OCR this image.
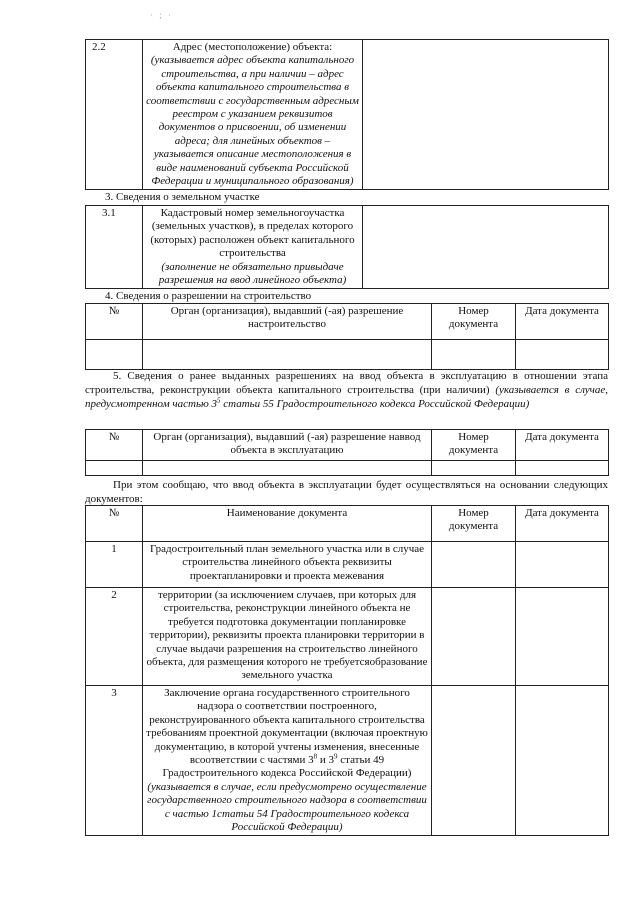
· ; ·
2.2	Адрес (местоположение) объекта:
(указывается адрес объекта капитального строительства, а при наличии – адрес объекта капитального строительства в соответствии с государственным адресным реестром с указанием реквизитов документов о присвоении, об изменении адреса; для линейных объектов – указывается описание местоположения в виде наименований субъекта Российской Федерации и муниципального образования)	
3. Сведения о земельном участке
3.1	Кадастровый номер земельногоучастка (земельных участков), в пределах которого (которых) расположен объект капитального строительства
(заполнение не обязательно привыдаче разрешения на ввод линейного объекта)	
4. Сведения о разрешении на строительство
№	Орган (организация), выдавший (-ая) разрешение настроительство	Номер документа	Дата документа

5. Сведения о ранее выданных разрешениях на ввод объекта в эксплуатацию в отношении этапа строительства, реконструкции объекта капитального строительства (при наличии) (указывается в случае, предусмотренном частью $3^5$ статьи 55 Градостроительного кодекса Российской Федерации)
№	Орган (организация), выдавший (-ая) разрешение наввод объекта в эксплуатацию	Номер документа	Дата документа

При этом сообщаю, что ввод объекта в эксплуатации будет осуществляться на основании следующих документов:
№	Наименование документа	Номер документа	Дата документа
1	Градостроительный план земельного участка или в случае строительства линейного объекта реквизиты проектапланировки и проекта межевания		
2	территории (за исключением случаев, при которых для строительства, реконструкции линейного объекта не требуется подготовка документации попланировке территории), реквизиты проекта планировки территории в случае выдачи разрешения на строительство линейного объекта, для размещения которого не требуетсяобразование земельного участка		
3	Заключение органа государственного строительного надзора о соответствии построенного, реконструированного объекта капитального строительства требованиям проектной документации (включая проектную документацию, в которой учтены изменения, внесенные всоответствии с частями $3^8$ и $3^9$ статьи 49 Градостроительного кодекса Российской Федерации) (указывается в случае, если предусмотрено осуществление государственного строительного надзора в соответствии с частью 1статьи 54 Градостроительного кодекса Российской Федерации)		
